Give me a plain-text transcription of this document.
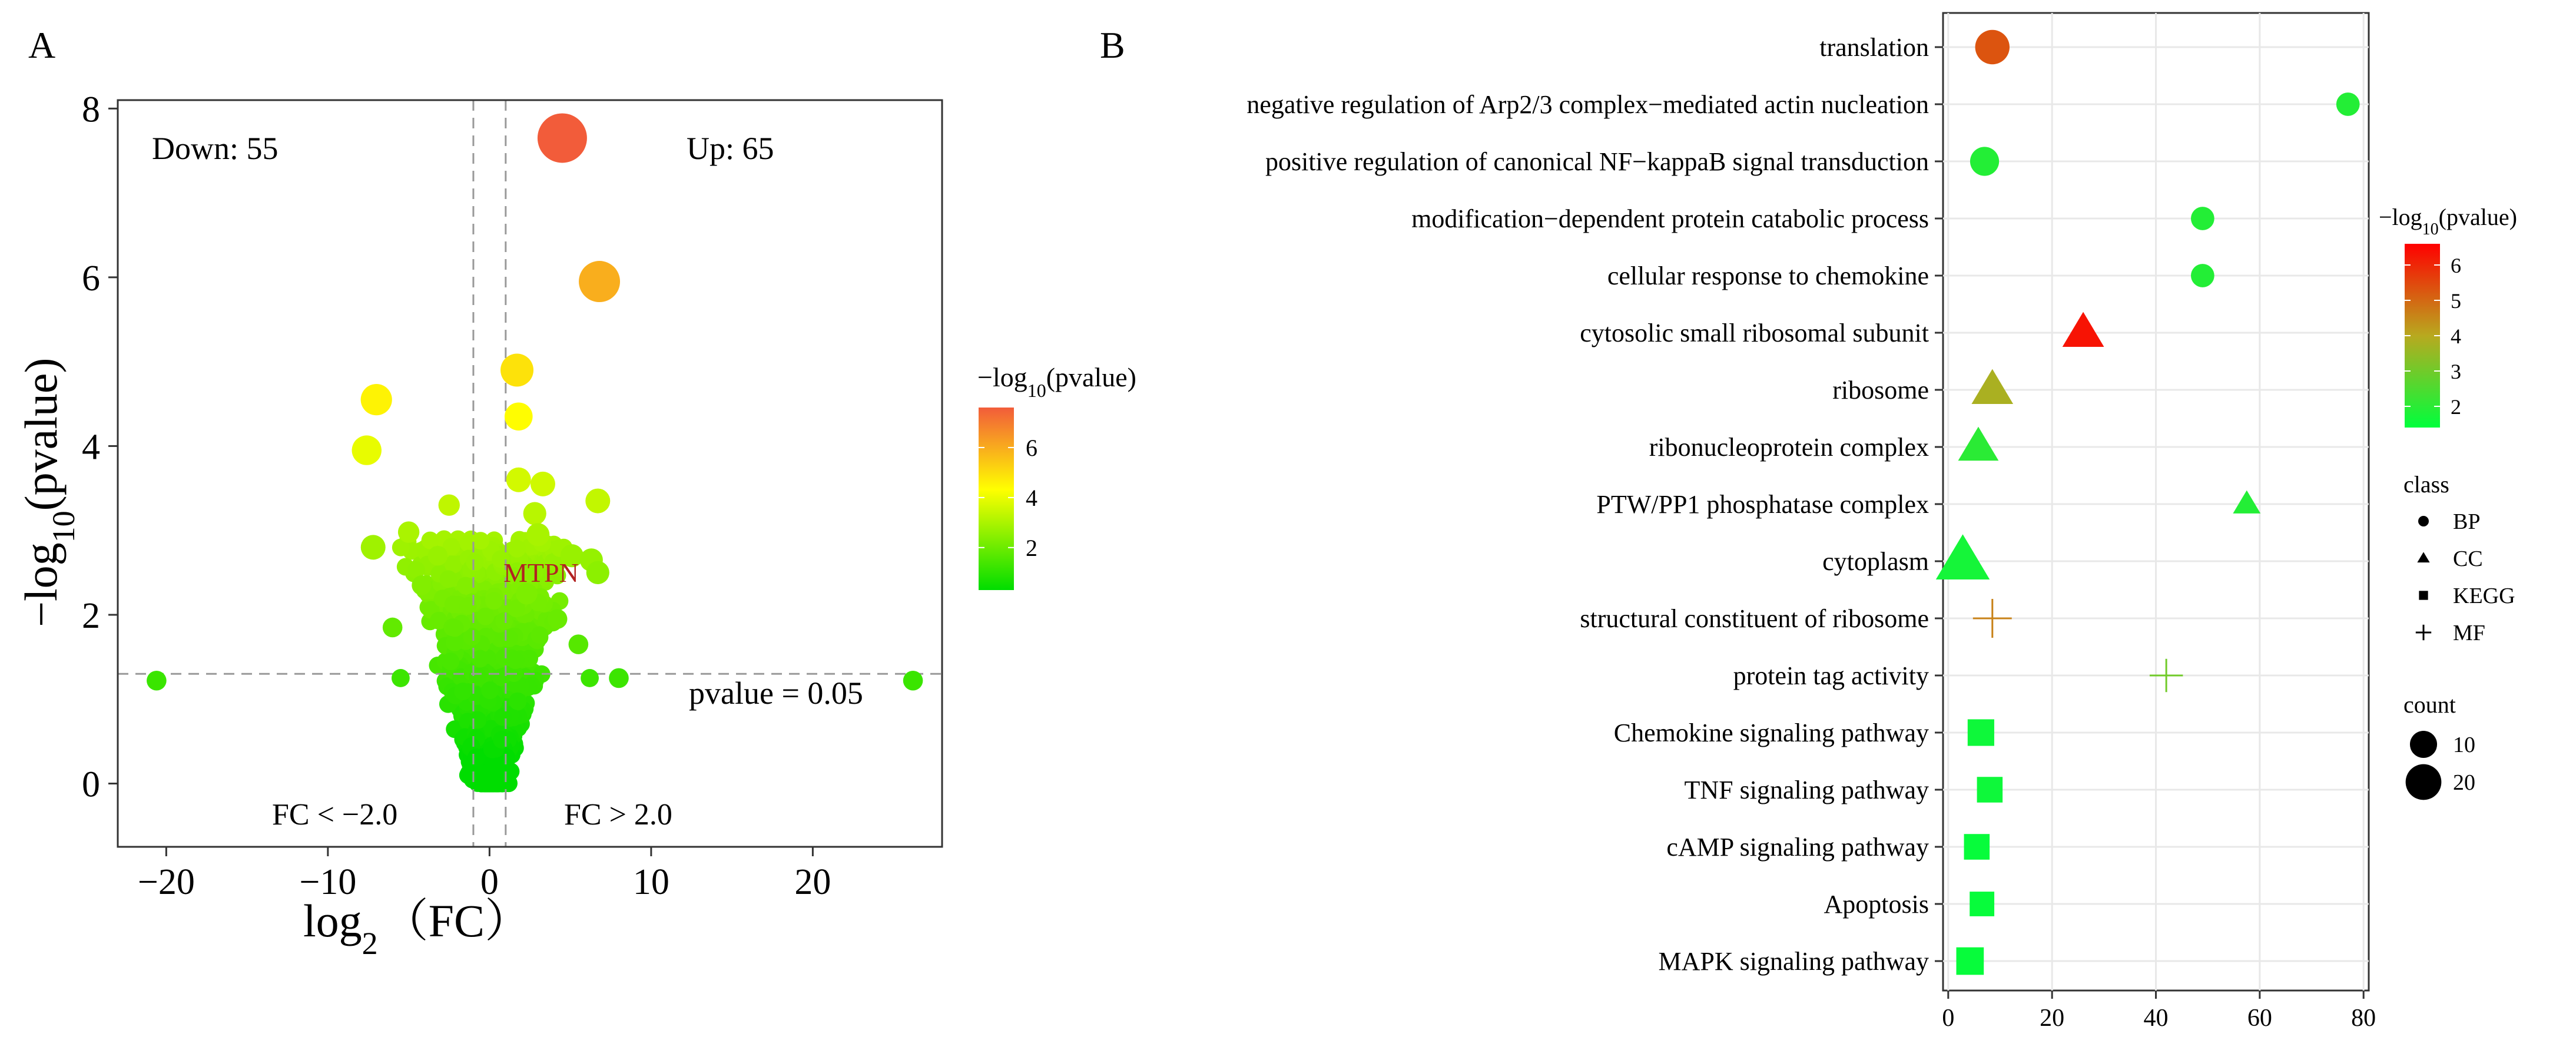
A
−20	−10	0	10	20
0
2
4
6
8
Down: 55	Up: 65
pvalue = 0.05
FC < −2.0	FC > 2.0
MTPN
$\log_2 (FC)$
$-\log_{10}(pvalue)$	$-\log_{10}(pvalue)$
2
4
6
B	translation
negative regulation of Arp2/3 complex−mediated actin nucleation
positive regulation of canonical NF−kappaB signal transduction
modification−dependent protein catabolic process
cellular response to chemokine
cytosolic small ribosomal subunit
ribosome
ribonucleoprotein complex
PTW/PP1 phosphatase complex
cytoplasm
structural constituent of ribosome
protein tag activity
Chemokine signaling pathway
TNF signaling pathway
cAMP signaling pathway
Apoptosis
MAPK signaling pathway
0	20	40	60	80
$-\log_{10}(pvalue)$
2
3
4
5
6
class
BP
CC
KEGG
MF
count
10
20
